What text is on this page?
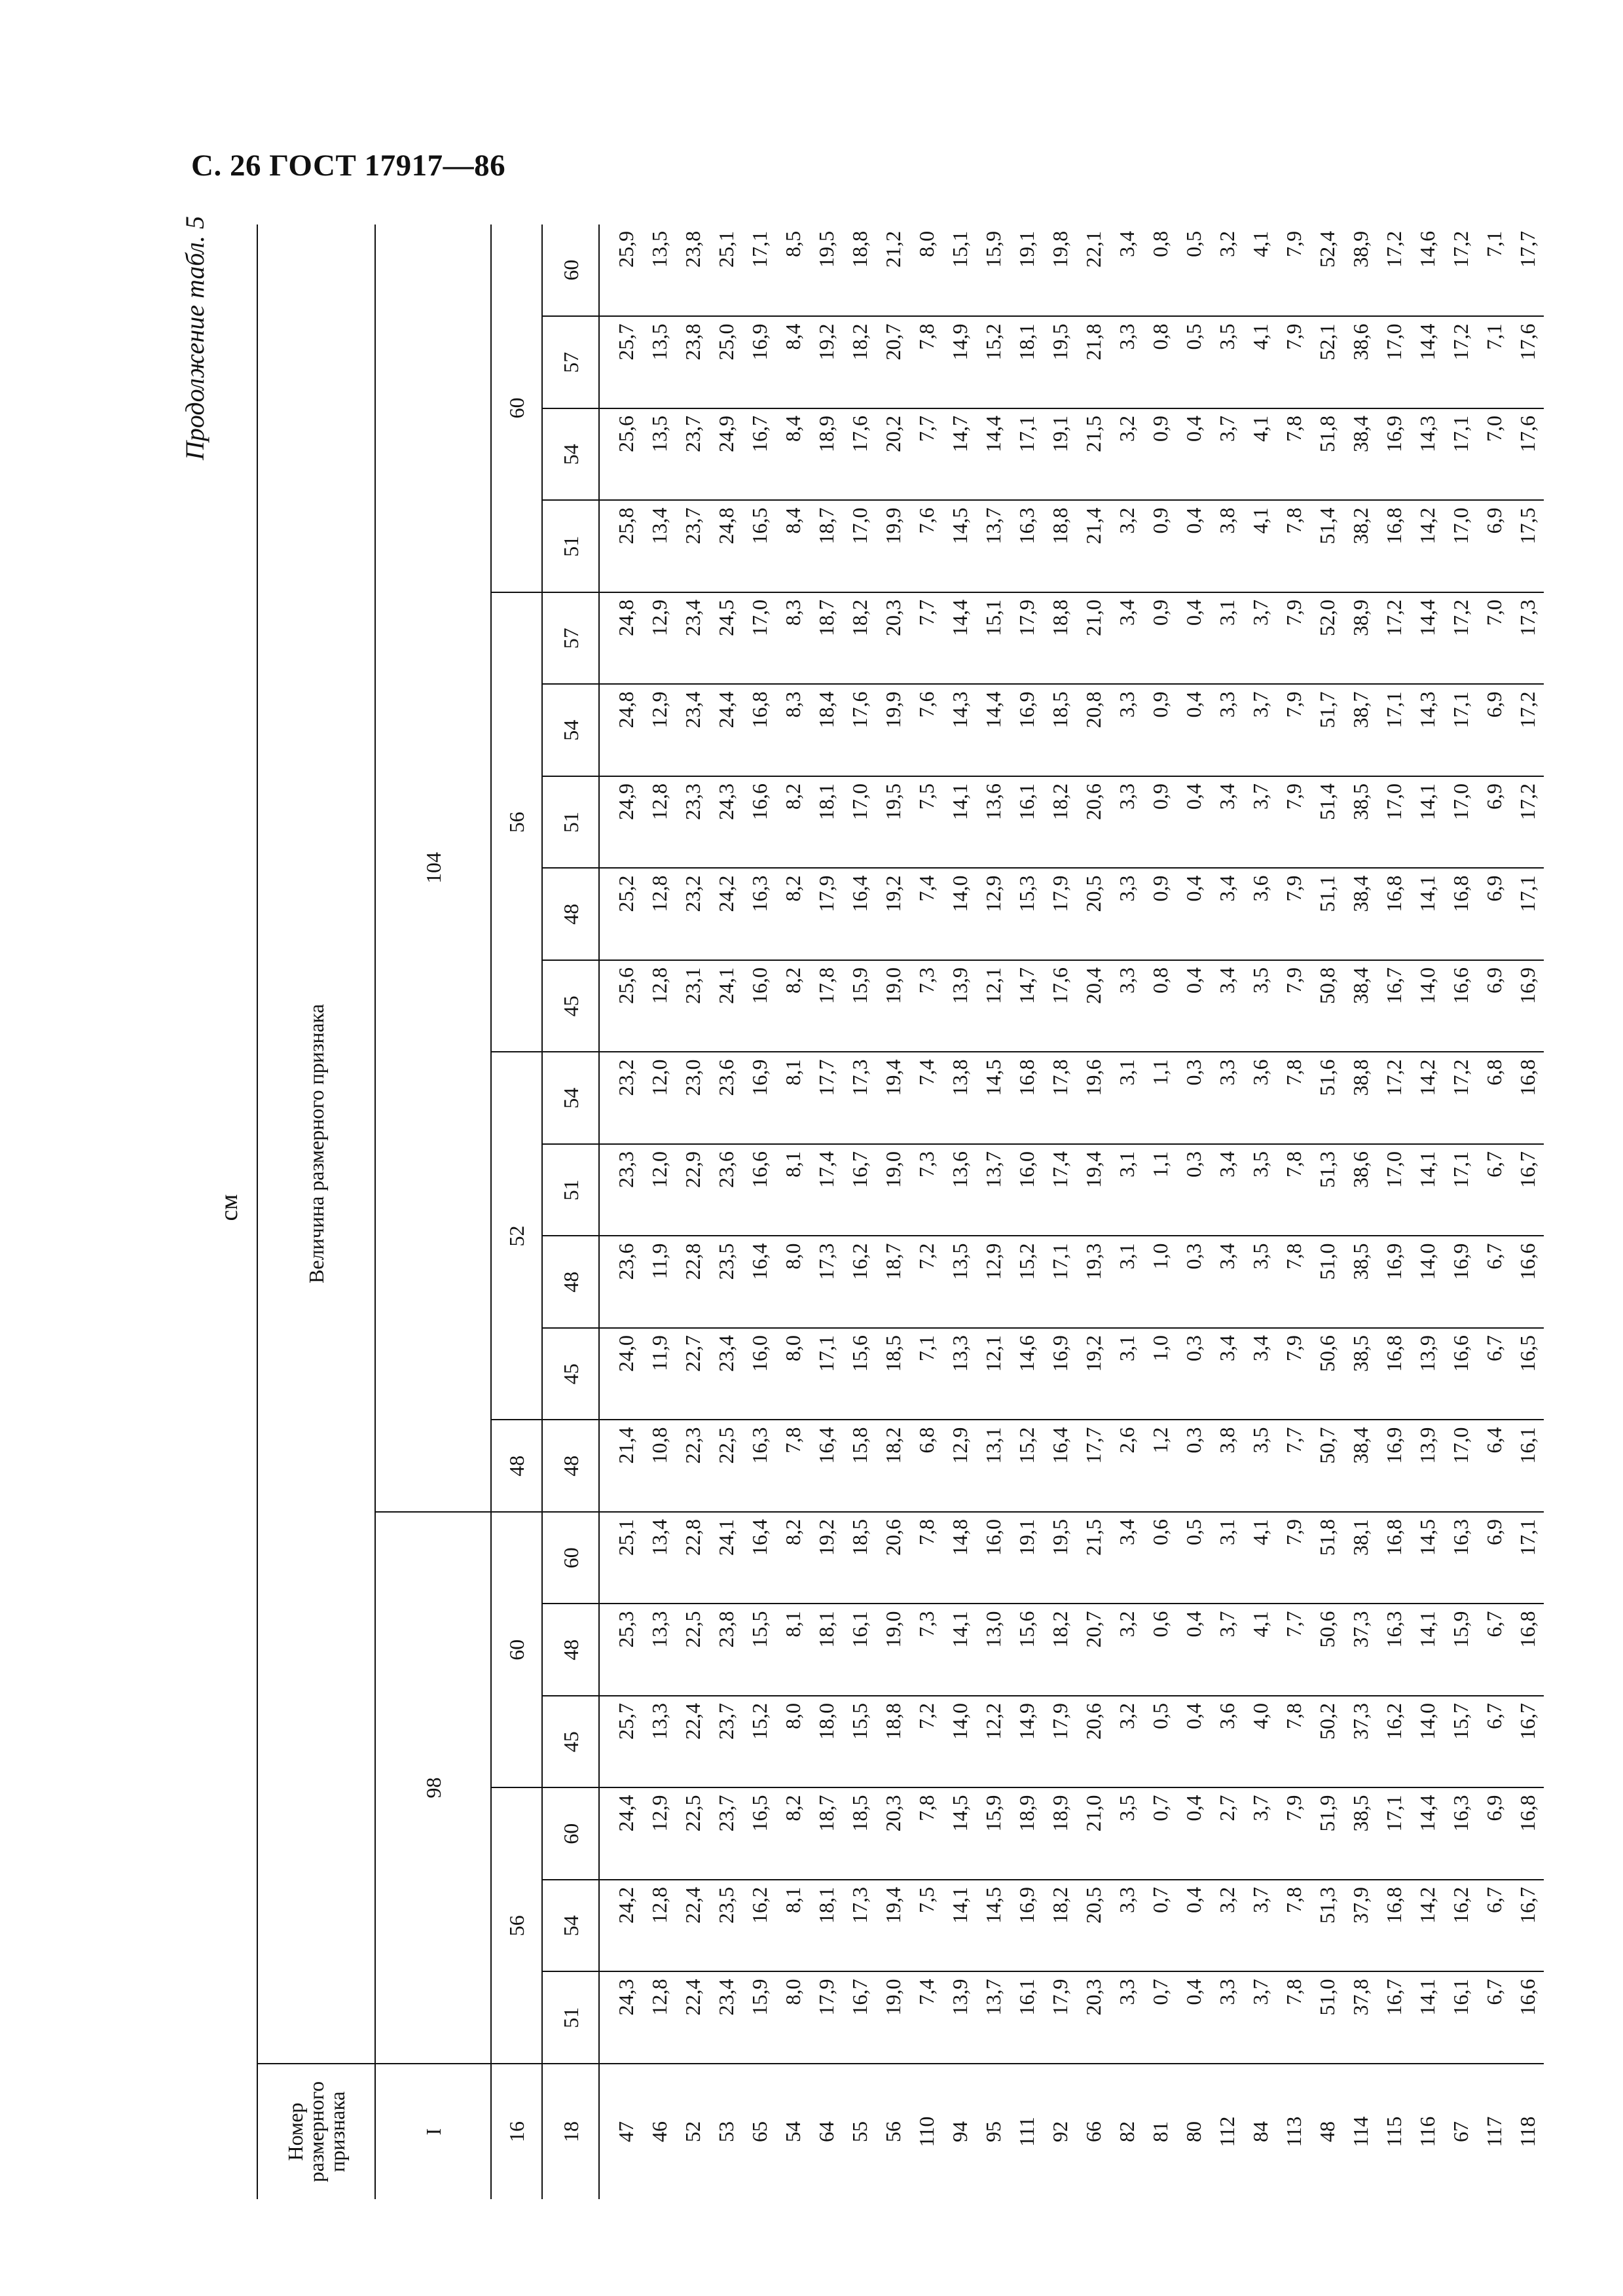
С. 26 ГОСТ 17917—86
Продолжение табл. 5
см
Номер размерного признака	Величина размерного признака																			
I	98						104													
16	56			60			48	52				56					60			
18	51	54	60	45	48	60	48	45	48	51	54	45	48	51	54	57	51	54	57	60
47	24,3	24,2	24,4	25,7	25,3	25,1	21,4	24,0	23,6	23,3	23,2	25,6	25,2	24,9	24,8	24,8	25,8	25,6	25,7	25,9
46	12,8	12,8	12,9	13,3	13,3	13,4	10,8	11,9	11,9	12,0	12,0	12,8	12,8	12,8	12,9	12,9	13,4	13,5	13,5	13,5
52	22,4	22,4	22,5	22,4	22,5	22,8	22,3	22,7	22,8	22,9	23,0	23,1	23,2	23,3	23,4	23,4	23,7	23,7	23,8	23,8
53	23,4	23,5	23,7	23,7	23,8	24,1	22,5	23,4	23,5	23,6	23,6	24,1	24,2	24,3	24,4	24,5	24,8	24,9	25,0	25,1
65	15,9	16,2	16,5	15,2	15,5	16,4	16,3	16,0	16,4	16,6	16,9	16,0	16,3	16,6	16,8	17,0	16,5	16,7	16,9	17,1
54	8,0	8,1	8,2	8,0	8,1	8,2	7,8	8,0	8,0	8,1	8,1	8,2	8,2	8,2	8,3	8,3	8,4	8,4	8,4	8,5
64	17,9	18,1	18,7	18,0	18,1	19,2	16,4	17,1	17,3	17,4	17,7	17,8	17,9	18,1	18,4	18,7	18,7	18,9	19,2	19,5
55	16,7	17,3	18,5	15,5	16,1	18,5	15,8	15,6	16,2	16,7	17,3	15,9	16,4	17,0	17,6	18,2	17,0	17,6	18,2	18,8
56	19,0	19,4	20,3	18,8	19,0	20,6	18,2	18,5	18,7	19,0	19,4	19,0	19,2	19,5	19,9	20,3	19,9	20,2	20,7	21,2
110	7,4	7,5	7,8	7,2	7,3	7,8	6,8	7,1	7,2	7,3	7,4	7,3	7,4	7,5	7,6	7,7	7,6	7,7	7,8	8,0
94	13,9	14,1	14,5	14,0	14,1	14,8	12,9	13,3	13,5	13,6	13,8	13,9	14,0	14,1	14,3	14,4	14,5	14,7	14,9	15,1
95	13,7	14,5	15,9	12,2	13,0	16,0	13,1	12,1	12,9	13,7	14,5	12,1	12,9	13,6	14,4	15,1	13,7	14,4	15,2	15,9
111	16,1	16,9	18,9	14,9	15,6	19,1	15,2	14,6	15,2	16,0	16,8	14,7	15,3	16,1	16,9	17,9	16,3	17,1	18,1	19,1
92	17,9	18,2	18,9	17,9	18,2	19,5	16,4	16,9	17,1	17,4	17,8	17,6	17,9	18,2	18,5	18,8	18,8	19,1	19,5	19,8
66	20,3	20,5	21,0	20,6	20,7	21,5	17,7	19,2	19,3	19,4	19,6	20,4	20,5	20,6	20,8	21,0	21,4	21,5	21,8	22,1
82	3,3	3,3	3,5	3,2	3,2	3,4	2,6	3,1	3,1	3,1	3,1	3,3	3,3	3,3	3,3	3,4	3,2	3,2	3,3	3,4
81	0,7	0,7	0,7	0,5	0,6	0,6	1,2	1,0	1,0	1,1	1,1	0,8	0,9	0,9	0,9	0,9	0,9	0,9	0,8	0,8
80	0,4	0,4	0,4	0,4	0,4	0,5	0,3	0,3	0,3	0,3	0,3	0,4	0,4	0,4	0,4	0,4	0,4	0,4	0,5	0,5
112	3,3	3,2	2,7	3,6	3,7	3,1	3,8	3,4	3,4	3,4	3,3	3,4	3,4	3,4	3,3	3,1	3,8	3,7	3,5	3,2
84	3,7	3,7	3,7	4,0	4,1	4,1	3,5	3,4	3,5	3,5	3,6	3,5	3,6	3,7	3,7	3,7	4,1	4,1	4,1	4,1
113	7,8	7,8	7,9	7,8	7,7	7,9	7,7	7,9	7,8	7,8	7,8	7,9	7,9	7,9	7,9	7,9	7,8	7,8	7,9	7,9
48	51,0	51,3	51,9	50,2	50,6	51,8	50,7	50,6	51,0	51,3	51,6	50,8	51,1	51,4	51,7	52,0	51,4	51,8	52,1	52,4
114	37,8	37,9	38,5	37,3	37,3	38,1	38,4	38,5	38,5	38,6	38,8	38,4	38,4	38,5	38,7	38,9	38,2	38,4	38,6	38,9
115	16,7	16,8	17,1	16,2	16,3	16,8	16,9	16,8	16,9	17,0	17,2	16,7	16,8	17,0	17,1	17,2	16,8	16,9	17,0	17,2
116	14,1	14,2	14,4	14,0	14,1	14,5	13,9	13,9	14,0	14,1	14,2	14,0	14,1	14,1	14,3	14,4	14,2	14,3	14,4	14,6
67	16,1	16,2	16,3	15,7	15,9	16,3	17,0	16,6	16,9	17,1	17,2	16,6	16,8	17,0	17,1	17,2	17,0	17,1	17,2	17,2
117	6,7	6,7	6,9	6,7	6,7	6,9	6,4	6,7	6,7	6,7	6,8	6,9	6,9	6,9	6,9	7,0	6,9	7,0	7,1	7,1
118	16,6	16,7	16,8	16,7	16,8	17,1	16,1	16,5	16,6	16,7	16,8	16,9	17,1	17,2	17,2	17,3	17,5	17,6	17,6	17,7
